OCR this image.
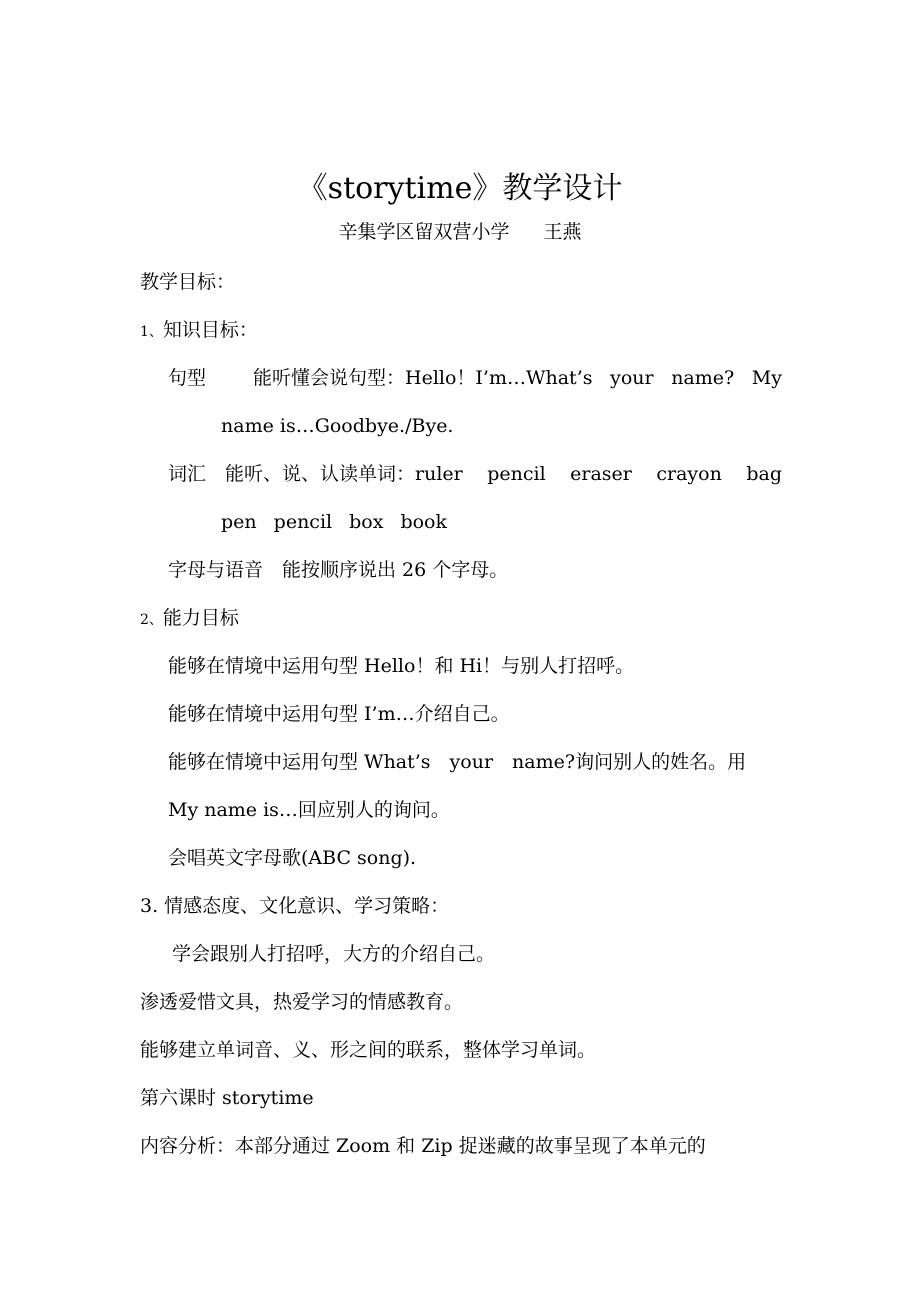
《storytime》教学设计
辛集学区留双营小学 王燕
教学目标：
1、知识目标：
句型 能听懂会说句型：Hello！I’m…What’s your name? My
name is…Goodbye./Bye.
词汇 能听、说、认读单词：ruler pencil eraser crayon bag
pen pencil box book
字母与语音　能按顺序说出 26 个字母。
2、能力目标
能够在情境中运用句型 Hello！和 Hi！与别人打招呼。
能够在情境中运用句型 I’m…介绍自己。
能够在情境中运用句型 What’s　your　name?询问别人的姓名。用
My name is…回应别人的询问。
会唱英文字母歌(ABC song).
3. 情感态度、文化意识、学习策略：
学会跟别人打招呼，大方的介绍自己。
渗透爱惜文具，热爱学习的情感教育。
能够建立单词音、义、形之间的联系，整体学习单词。
第六课时 storytime
内容分析：本部分通过 Zoom 和 Zip 捉迷藏的故事呈现了本单元的
